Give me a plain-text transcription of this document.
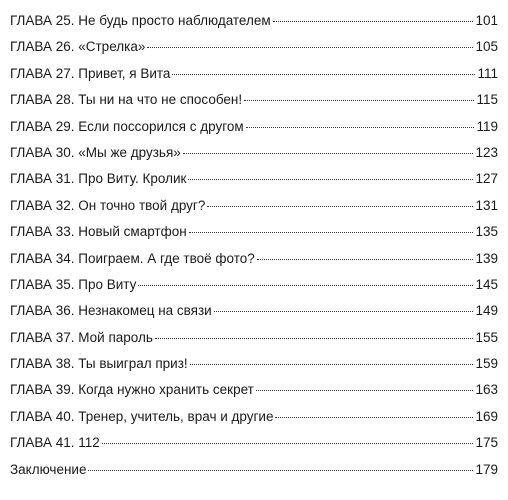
ГЛАВА 25. Не будь просто наблюдателем	101
ГЛАВА 26. «Стрелка»	105
ГЛАВА 27. Привет, я Вита	111
ГЛАВА 28. Ты ни на что не способен!	115
ГЛАВА 29. Если поссорился с другом	119
ГЛАВА 30. «Мы же друзья»	123
ГЛАВА 31. Про Виту. Кролик	127
ГЛАВА 32. Он точно твой друг?	131
ГЛАВА 33. Новый смартфон	135
ГЛАВА 34. Поиграем. А где твоё фото?	139
ГЛАВА 35. Про Виту	145
ГЛАВА 36. Незнакомец на связи	149
ГЛАВА 37. Мой пароль	155
ГЛАВА 38. Ты выиграл приз!	159
ГЛАВА 39. Когда нужно хранить секрет	163
ГЛАВА 40. Тренер, учитель, врач и другие	169
ГЛАВА 41. 112	175
Заключение	179
